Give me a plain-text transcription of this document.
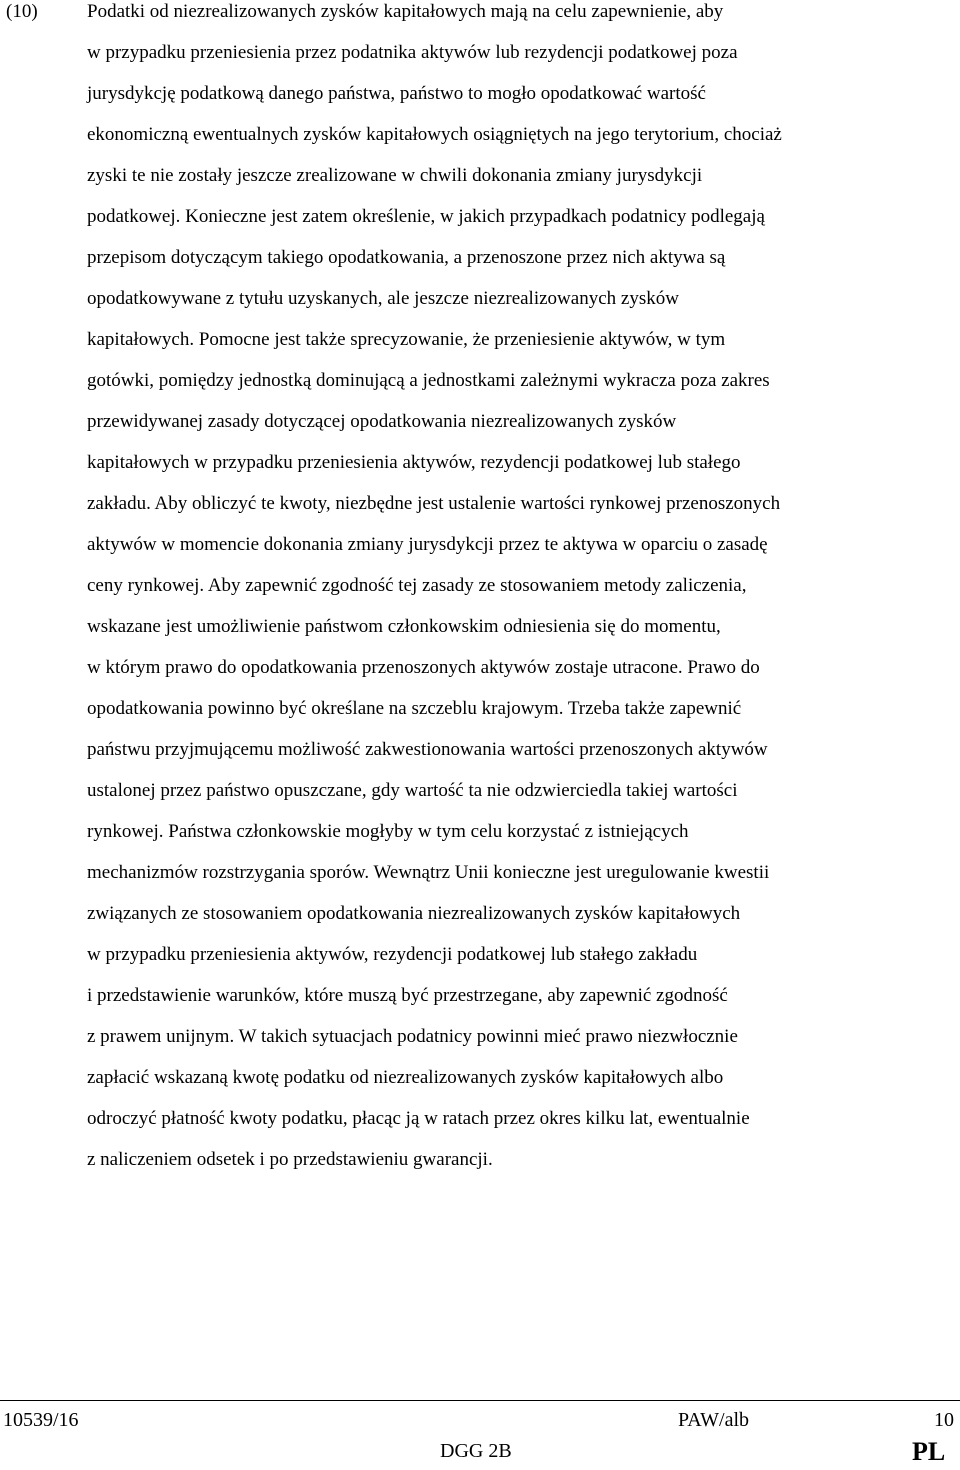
(10)	Podatki od niezrealizowanych zysków kapitałowych mają na celu zapewnienie, aby
w przypadku przeniesienia przez podatnika aktywów lub rezydencji podatkowej poza
jurysdykcję podatkową danego państwa, państwo to mogło opodatkować wartość
ekonomiczną ewentualnych zysków kapitałowych osiągniętych na jego terytorium, chociaż
zyski te nie zostały jeszcze zrealizowane w chwili dokonania zmiany jurysdykcji
podatkowej. Konieczne jest zatem określenie, w jakich przypadkach podatnicy podlegają
przepisom dotyczącym takiego opodatkowania, a przenoszone przez nich aktywa są
opodatkowywane z tytułu uzyskanych, ale jeszcze niezrealizowanych zysków
kapitałowych. Pomocne jest także sprecyzowanie, że przeniesienie aktywów, w tym
gotówki, pomiędzy jednostką dominującą a jednostkami zależnymi wykracza poza zakres
przewidywanej zasady dotyczącej opodatkowania niezrealizowanych zysków
kapitałowych w przypadku przeniesienia aktywów, rezydencji podatkowej lub stałego
zakładu. Aby obliczyć te kwoty, niezbędne jest ustalenie wartości rynkowej przenoszonych
aktywów w momencie dokonania zmiany jurysdykcji przez te aktywa w oparciu o zasadę
ceny rynkowej. Aby zapewnić zgodność tej zasady ze stosowaniem metody zaliczenia,
wskazane jest umożliwienie państwom członkowskim odniesienia się do momentu,
w którym prawo do opodatkowania przenoszonych aktywów zostaje utracone. Prawo do
opodatkowania powinno być określane na szczeblu krajowym. Trzeba także zapewnić
państwu przyjmującemu możliwość zakwestionowania wartości przenoszonych aktywów
ustalonej przez państwo opuszczane, gdy wartość ta nie odzwierciedla takiej wartości
rynkowej. Państwa członkowskie mogłyby w tym celu korzystać z istniejących
mechanizmów rozstrzygania sporów. Wewnątrz Unii konieczne jest uregulowanie kwestii
związanych ze stosowaniem opodatkowania niezrealizowanych zysków kapitałowych
w przypadku przeniesienia aktywów, rezydencji podatkowej lub stałego zakładu
i przedstawienie warunków, które muszą być przestrzegane, aby zapewnić zgodność
z prawem unijnym. W takich sytuacjach podatnicy powinni mieć prawo niezwłocznie
zapłacić wskazaną kwotę podatku od niezrealizowanych zysków kapitałowych albo
odroczyć płatność kwoty podatku, płacąc ją w ratach przez okres kilku lat, ewentualnie
z naliczeniem odsetek i po przedstawieniu gwarancji.
10539/16	PAW/alb	10
DGG 2B	PL
